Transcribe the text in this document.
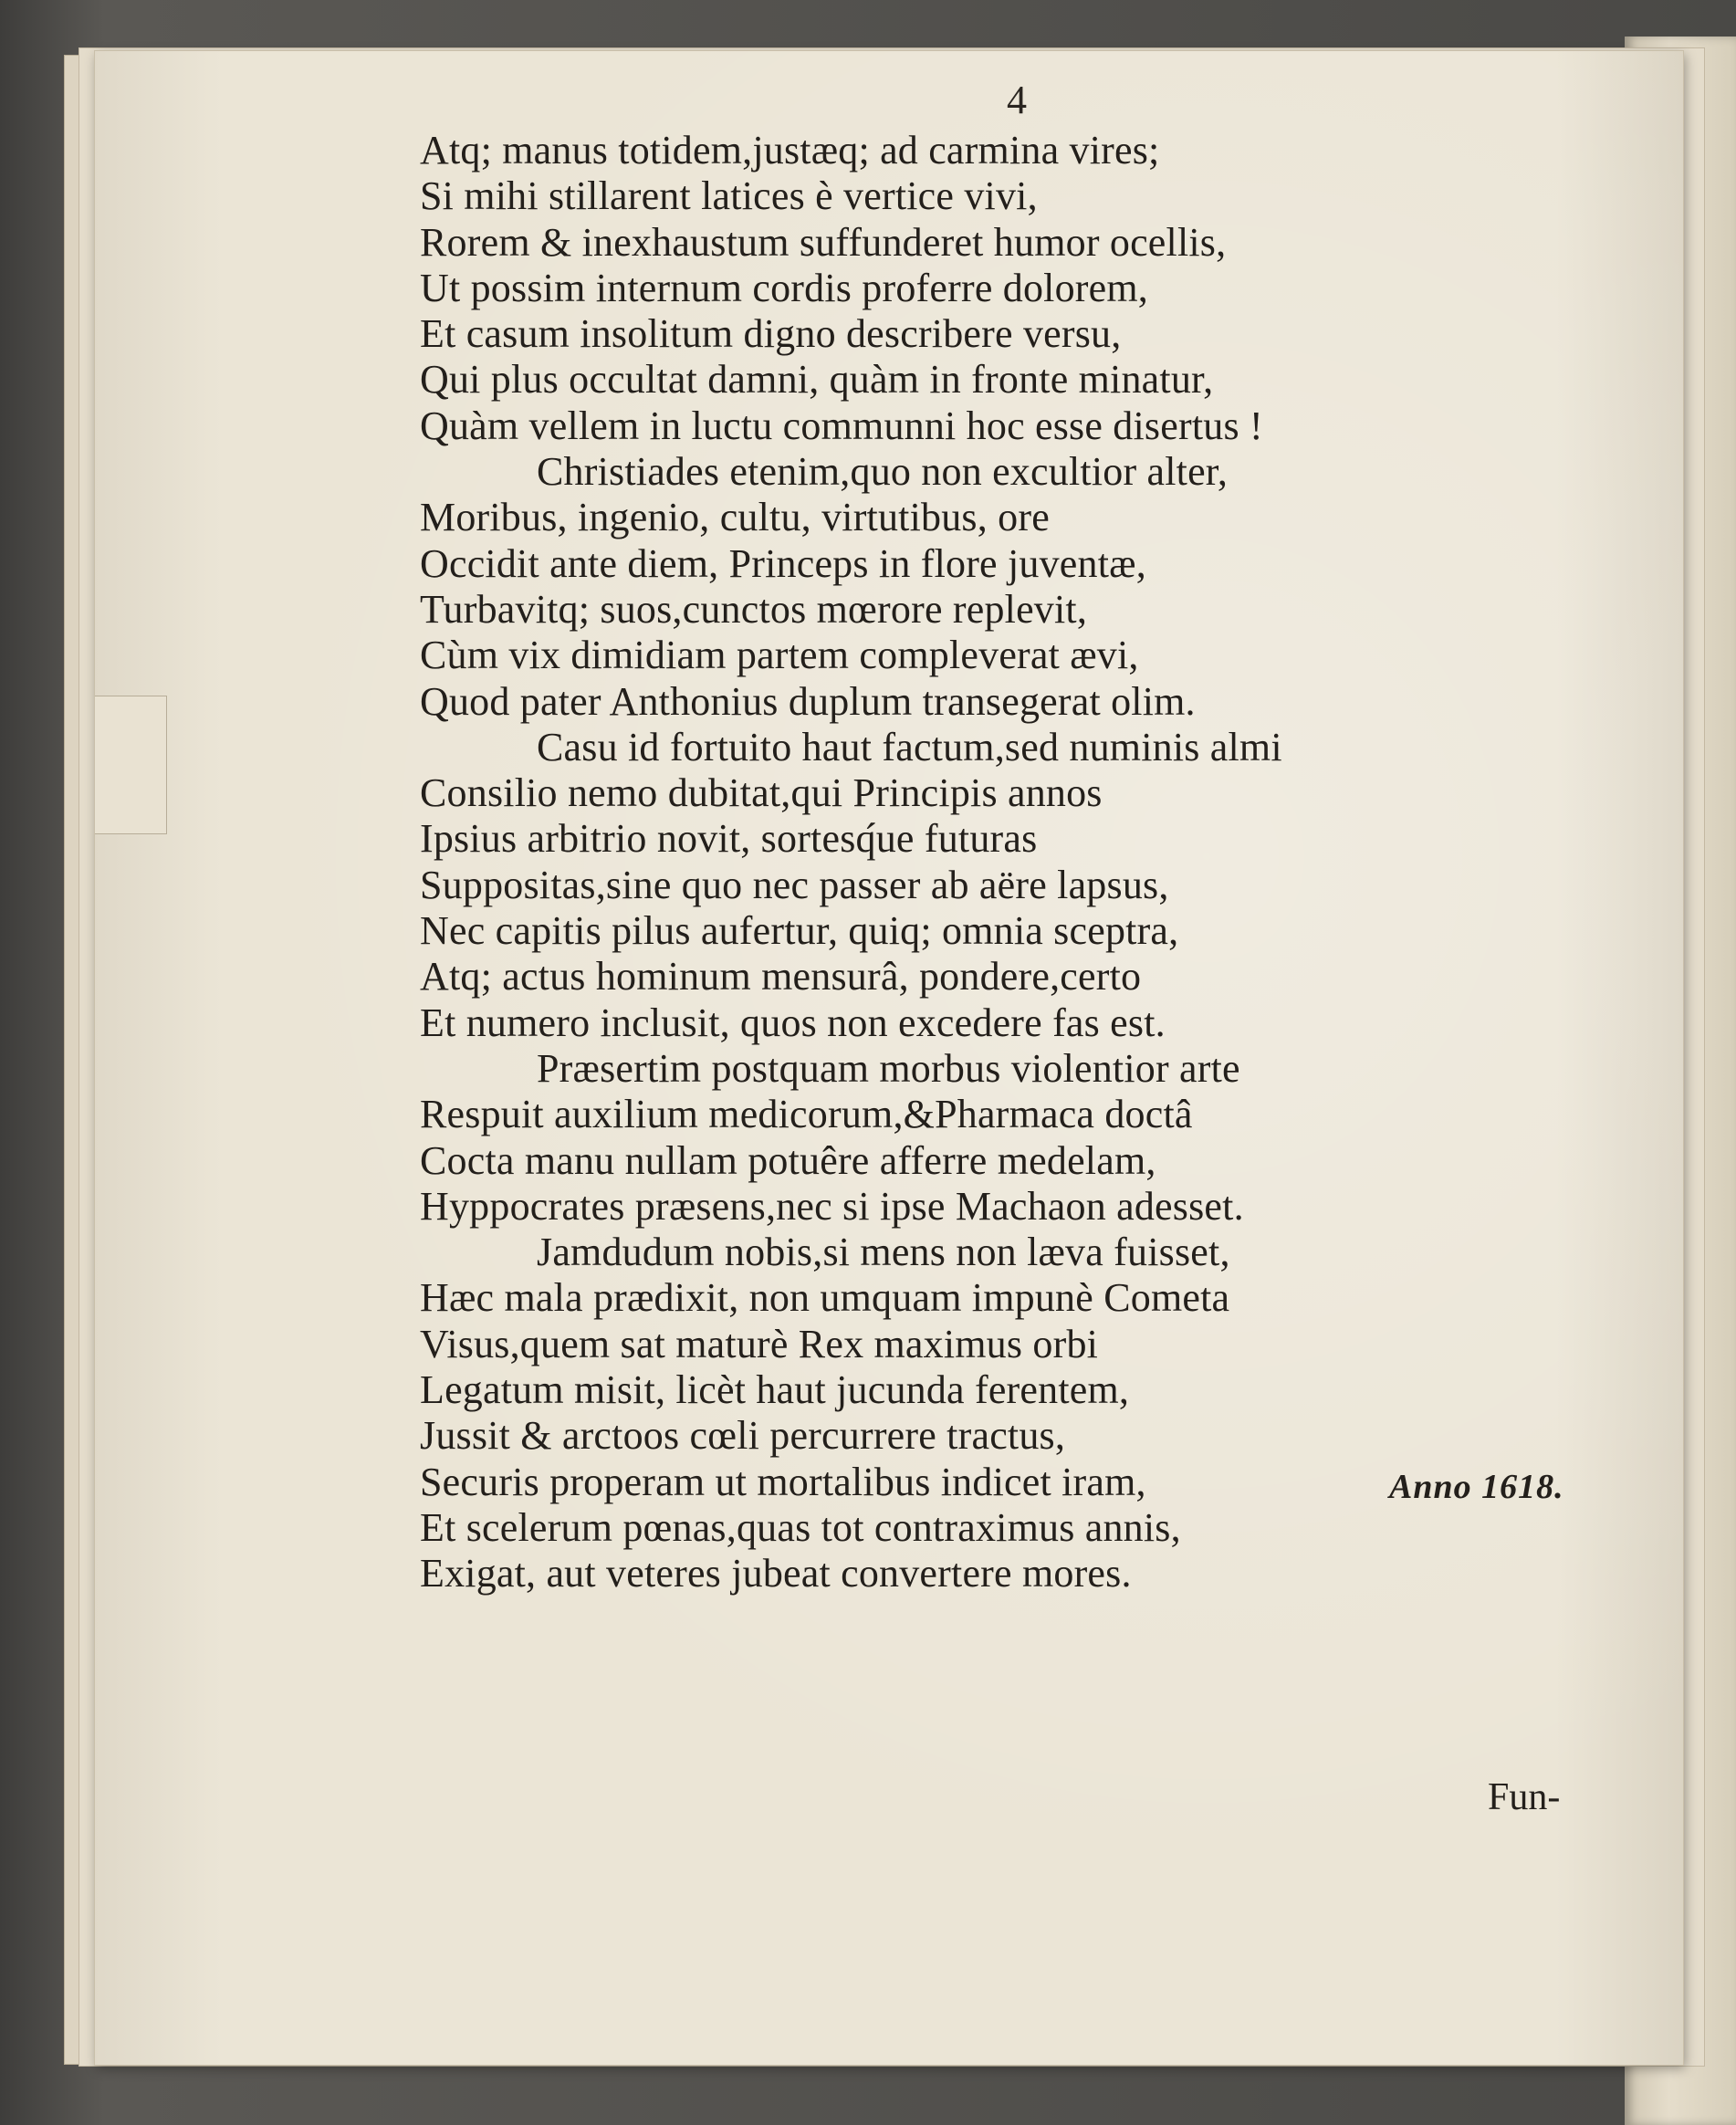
4
Atq; manus totidem,justæq; ad carmina vires;
Si mihi stillarent latices è vertice vivi,
Rorem & inexhaustum suffunderet humor ocellis,
Ut possim internum cordis proferre dolorem,
Et casum insolitum digno describere versu,
Qui plus occultat damni, quàm in fronte minatur,
Quàm vellem in luctu communni hoc esse disertus !
Christiades etenim,quo non excultior alter,
Moribus, ingenio, cultu, virtutibus, ore
Occidit ante diem, Princeps in flore juventæ,
Turbavitq; suos,cunctos mœrore replevit,
Cùm vix dimidiam partem compleverat ævi,
Quod pater Anthonius duplum transegerat olim.
Casu id fortuito haut factum,sed numinis almi
Consilio nemo dubitat,qui Principis annos
Ipsius arbitrio novit, sortesq́ue futuras
Suppositas,sine quo nec passer ab aëre lapsus,
Nec capitis pilus aufertur, quiq; omnia sceptra,
Atq; actus hominum mensurâ, pondere,certo
Et numero inclusit, quos non excedere fas est.
Præsertim postquam morbus violentior arte
Respuit auxilium medicorum,&Pharmaca doctâ
Cocta manu nullam potuêre afferre medelam,
Hyppocrates præsens,nec si ipse Machaon adesset.
Jamdudum nobis,si mens non læva fuisset,
Hæc mala prædixit, non umquam impunè Cometa
Visus,quem sat maturè Rex maximus orbi
Legatum misit, licèt haut jucunda ferentem,
Jussit & arctoos cœli percurrere tractus,
Securis properam ut mortalibus indicet iram,
Et scelerum pœnas,quas tot contraximus annis,
Exigat, aut veteres jubeat convertere mores.
Anno 1618.
Fun-
